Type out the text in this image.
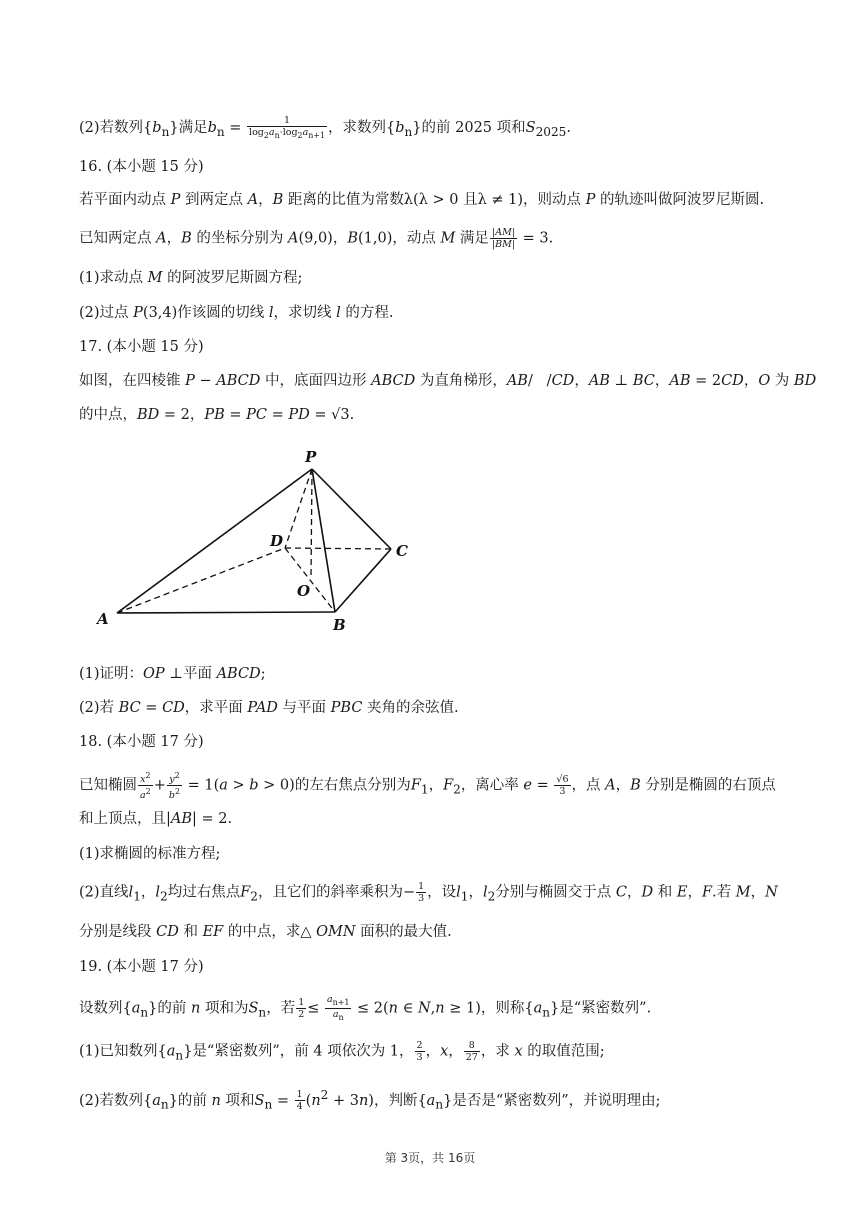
(2)若数列$\{b_n\}$满足$b_n = \frac{1}{\log_2a_n\cdot\log_2a_{n+1}}$ ，求数列$\{b_n\}$的前 2025 项和$S_{2025}$.
16. (本小题 15 分)
若平面内动点 P 到两定点 A，B 距离的比值为常数λ(λ > 0 且λ ≠ 1)，则动点 P 的轨迹叫做阿波罗尼斯圆.
已知两定点 A，B 的坐标分别为 A(9,0)，B(1,0)，动点 M 满足 $\frac{|AM|}{|BM|} = 3$.
(1)求动点 M 的阿波罗尼斯圆方程;
(2)过点 P(3,4)作该圆的切线 l，求切线 l 的方程.
17. (本小题 15 分)
如图，在四棱锥 P − ABCD 中，底面四边形 ABCD 为直角梯形，AB/   /CD，AB ⊥ BC，AB = 2CD，O 为 BD
的中点，BD = 2，PB = PC = PD = √3.
(1)证明：OP ⊥平面 ABCD;
(2)若 BC = CD，求平面 PAD 与平面 PBC 夹角的余弦值.
18. (本小题 17 分)
已知椭圆 $\frac{x^2}{a^2} + \frac{y^2}{b^2} = 1(a > b > 0)$的左右焦点分别为$F_1$，$F_2$，离心率 $e = \frac{√6}{3}$ ，点 A，B 分别是椭圆的右顶点
和上顶点，且|AB| = 2.
(1)求椭圆的标准方程;
(2)直线$l_1$，$l_2$均过右焦点$F_2$，且它们的斜率乘积为− $\frac{1}{3}$ ，设$l_1$，$l_2$分别与椭圆交于点 C，D 和 E，F.若 M，N
分别是线段 CD 和 EF 的中点，求△ OMN 面积的最大值.
19. (本小题 17 分)
设数列$\{a_n\}$的前 n 项和为$S_n$，若 $\frac{1}{2} \le \frac{a_{n+1}}{a_n} \le 2(n$ ∈ N,n ≥ 1)，则称$\{a_n\}$是“紧密数列”.
(1)已知数列$\{a_n\}$是“紧密数列”，前 4 项依次为 1， $\frac{2}{3}$ ，x， $\frac{8}{27}$ ，求 x 的取值范围;
(2)若数列$\{a_n\}$的前 n 项和$S_n = \frac{1}{4} (n^2 + 3n)$，判断$\{a_n\}$是否是“紧密数列”，并说明理由;
P
D
C
O
A	B
第 3页，共 16页
